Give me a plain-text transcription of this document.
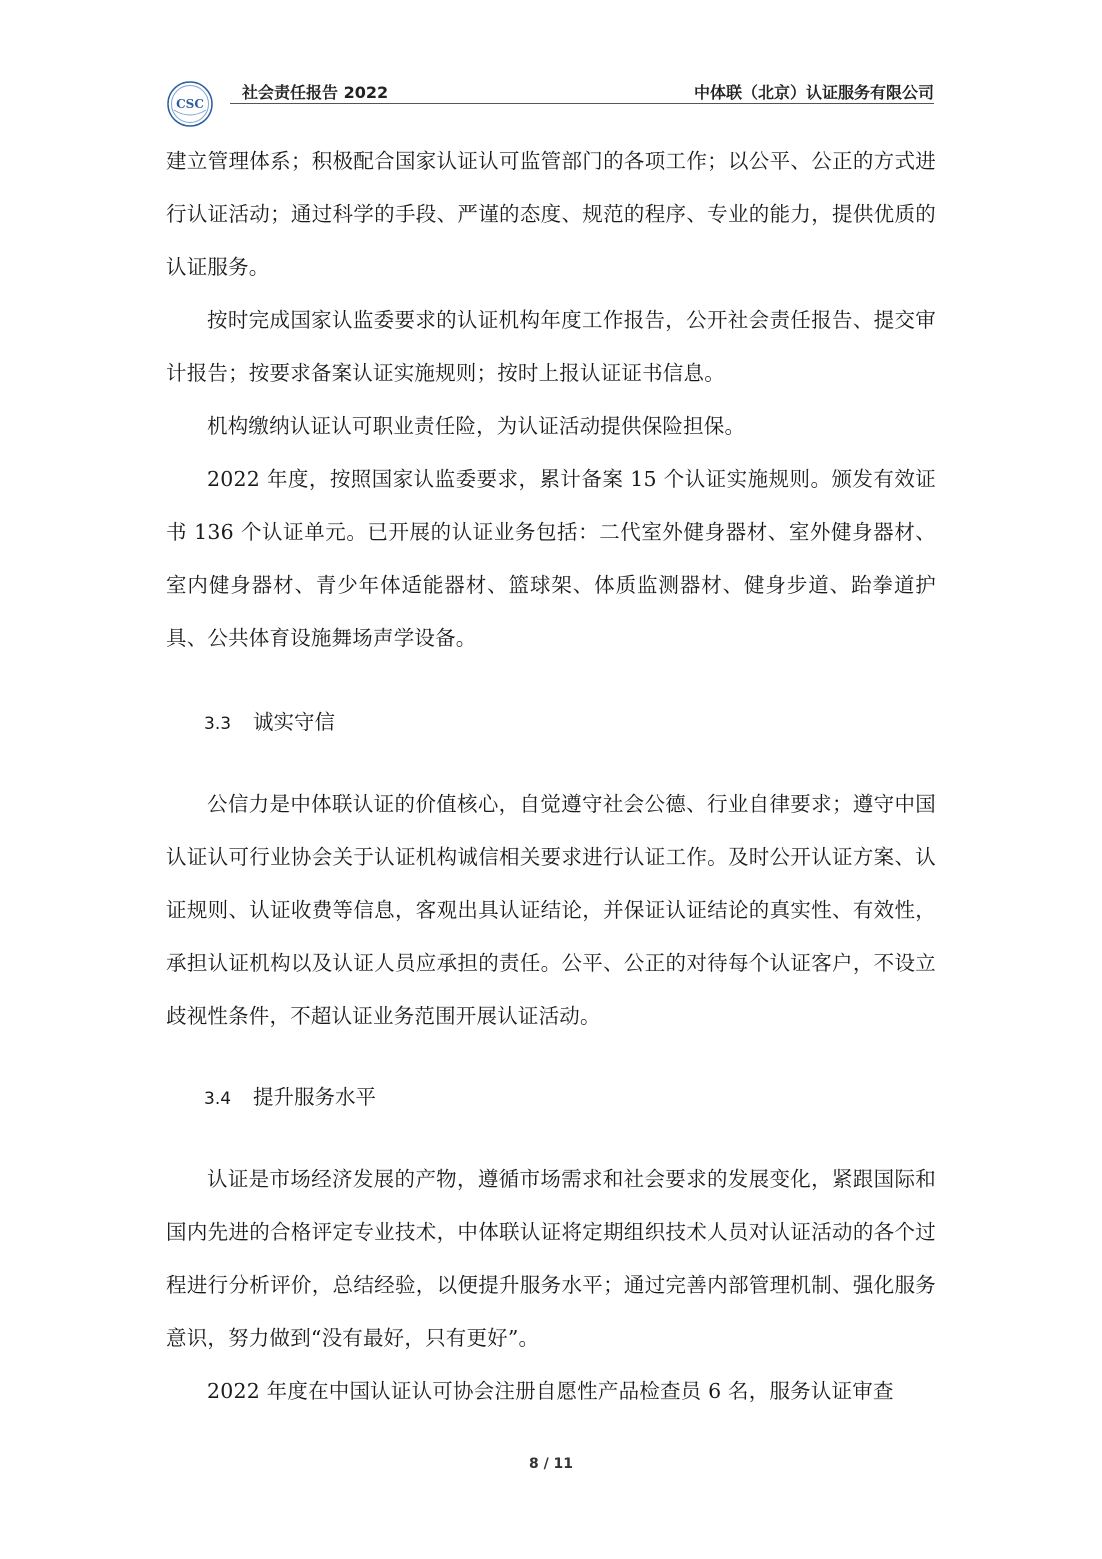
CSC
社会责任报告 2022	中体联（北京）认证服务有限公司

建立管理体系；积极配合国家认证认可监管部门的各项工作；以公平、公正的方式进行认证活动；通过科学的手段、严谨的态度、规范的程序、专业的能力，提供优质的认证服务。

按时完成国家认监委要求的认证机构年度工作报告，公开社会责任报告、提交审计报告；按要求备案认证实施规则；按时上报认证证书信息。

机构缴纳认证认可职业责任险，为认证活动提供保险担保。

2022 年度，按照国家认监委要求，累计备案 15 个认证实施规则。颁发有效证书 136 个认证单元。已开展的认证业务包括：二代室外健身器材、室外健身器材、室内健身器材、青少年体适能器材、篮球架、体质监测器材、健身步道、跆拳道护具、公共体育设施舞场声学设备。

3.3 诚实守信

公信力是中体联认证的价值核心，自觉遵守社会公德、行业自律要求；遵守中国认证认可行业协会关于认证机构诚信相关要求进行认证工作。及时公开认证方案、认证规则、认证收费等信息，客观出具认证结论，并保证认证结论的真实性、有效性，承担认证机构以及认证人员应承担的责任。公平、公正的对待每个认证客户，不设立歧视性条件，不超认证业务范围开展认证活动。

3.4 提升服务水平

认证是市场经济发展的产物，遵循市场需求和社会要求的发展变化，紧跟国际和国内先进的合格评定专业技术，中体联认证将定期组织技术人员对认证活动的各个过程进行分析评价，总结经验，以便提升服务水平；通过完善内部管理机制、强化服务意识，努力做到“没有最好，只有更好”。

2022 年度在中国认证认可协会注册自愿性产品检查员 6 名，服务认证审查

8 / 11
